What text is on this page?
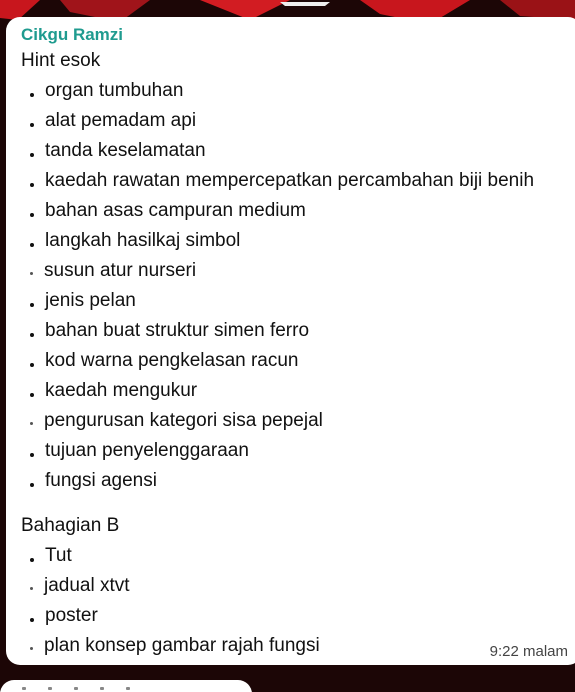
Cikgu Ramzi
Hint esok
organ tumbuhan
alat pemadam api
tanda keselamatan
kaedah rawatan mempercepatkan percambahan biji benih
bahan asas campuran medium
langkah hasilkaj simbol
susun atur nurseri
jenis pelan
bahan buat struktur simen ferro
kod warna pengkelasan racun
kaedah mengukur
pengurusan kategori sisa pepejal
tujuan penyelenggaraan
fungsi agensi
Bahagian B
Tut
jadual xtvt
poster
plan konsep gambar rajah fungsi	9:22 malam
